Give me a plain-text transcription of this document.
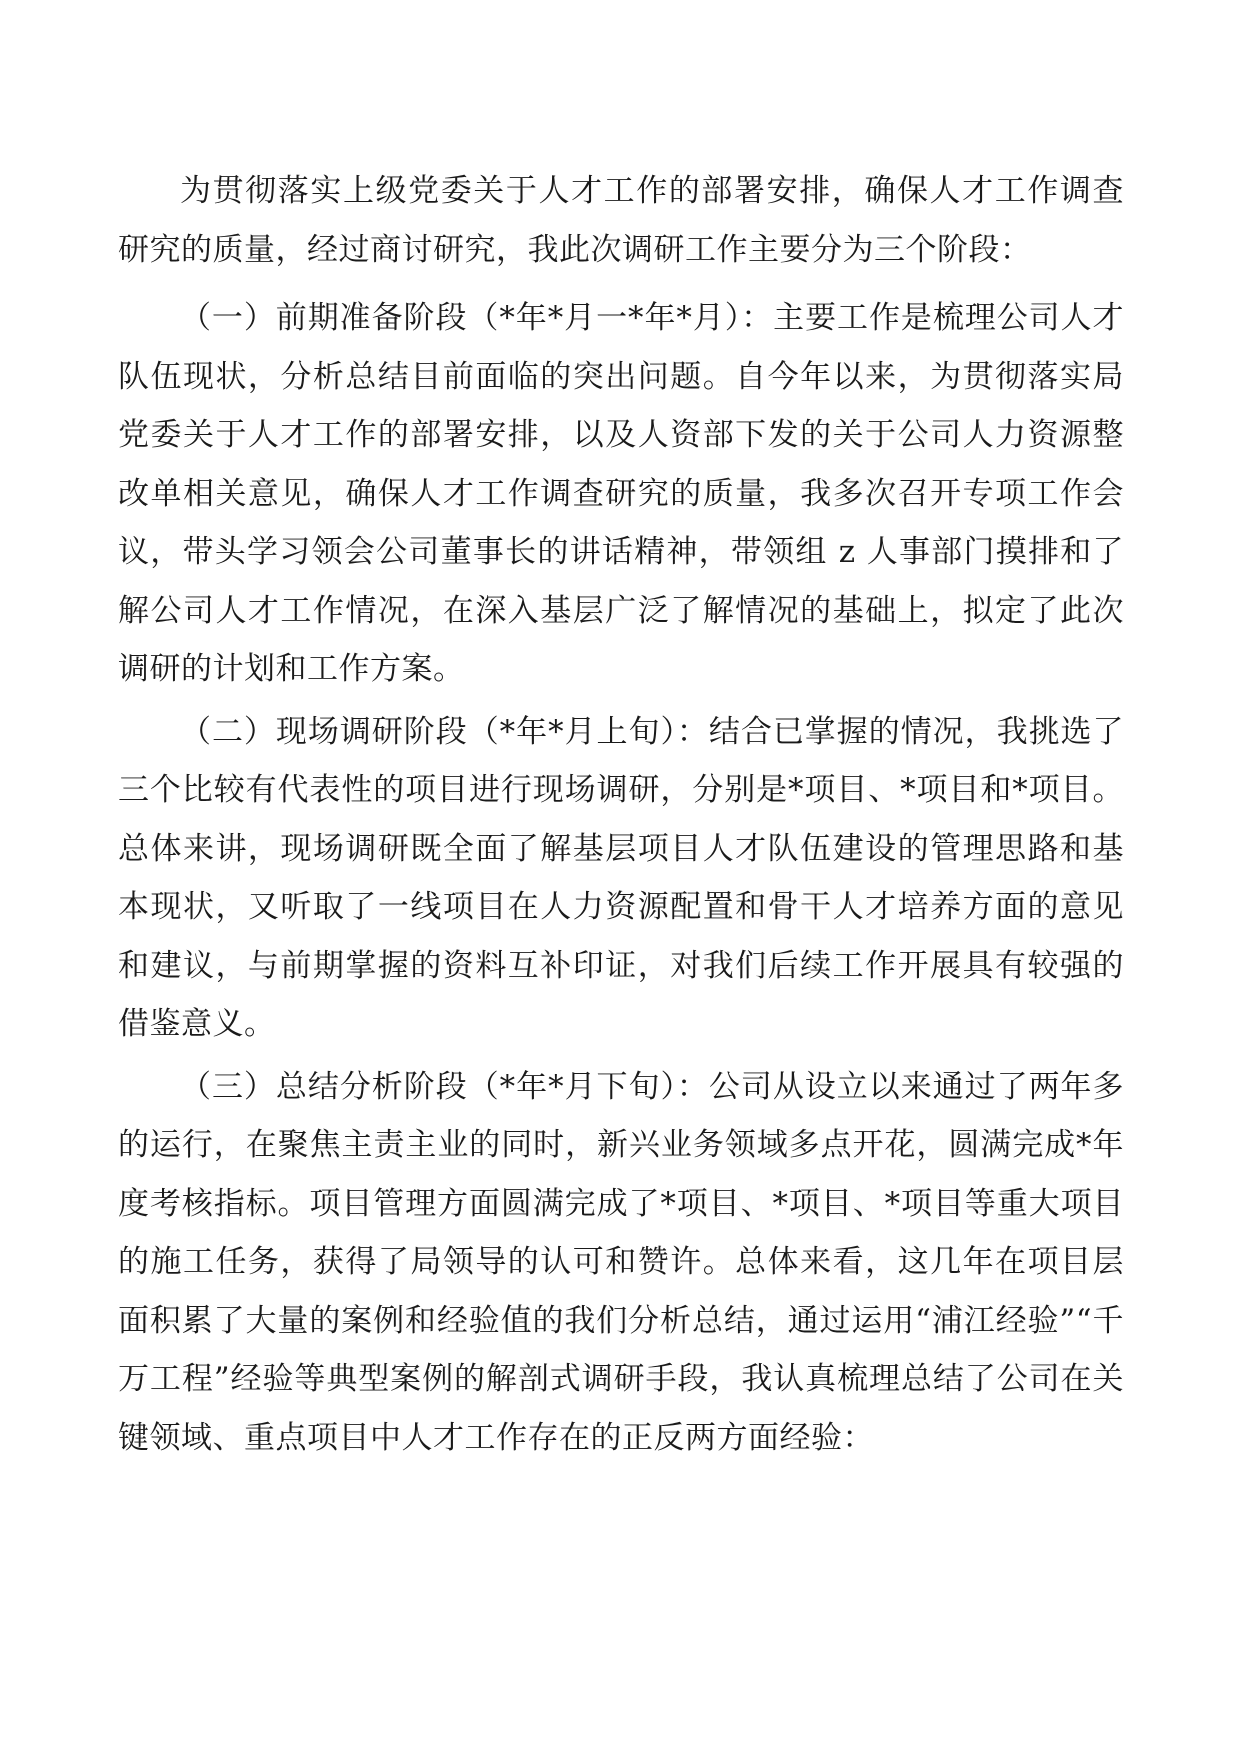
为贯彻落实上级党委关于人才工作的部署安排，确保人才工作调查研究的质量，经过商讨研究，我此次调研工作主要分为三个阶段：

（一）前期准备阶段（*年*月一*年*月）：主要工作是梳理公司人才队伍现状，分析总结目前面临的突出问题。自今年以来，为贯彻落实局党委关于人才工作的部署安排，以及人资部下发的关于公司人力资源整改单相关意见，确保人才工作调查研究的质量，我多次召开专项工作会议，带头学习领会公司董事长的讲话精神，带领组 z 人事部门摸排和了解公司人才工作情况，在深入基层广泛了解情况的基础上，拟定了此次调研的计划和工作方案。

（二）现场调研阶段（*年*月上旬）：结合已掌握的情况，我挑选了三个比较有代表性的项目进行现场调研，分别是*项目、*项目和*项目。总体来讲，现场调研既全面了解基层项目人才队伍建设的管理思路和基本现状，又听取了一线项目在人力资源配置和骨干人才培养方面的意见和建议，与前期掌握的资料互补印证，对我们后续工作开展具有较强的借鉴意义。

（三）总结分析阶段（*年*月下旬）：公司从设立以来通过了两年多的运行，在聚焦主责主业的同时，新兴业务领域多点开花，圆满完成*年度考核指标。项目管理方面圆满完成了*项目、*项目、*项目等重大项目的施工任务，获得了局领导的认可和赞许。总体来看，这几年在项目层面积累了大量的案例和经验值的我们分析总结，通过运用“浦江经验”“千万工程”经验等典型案例的解剖式调研手段，我认真梳理总结了公司在关键领域、重点项目中人才工作存在的正反两方面经验：
